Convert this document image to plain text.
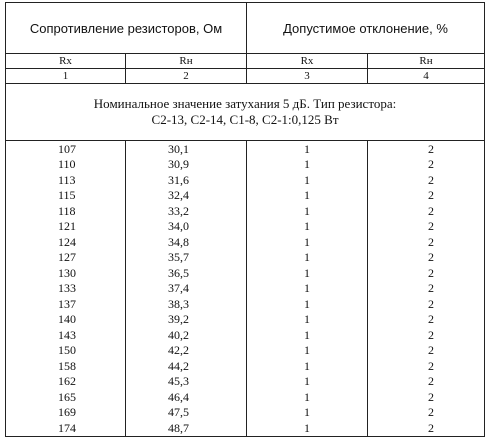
Сопротивление резисторов, Ом		Допустимое отклонение, %	
Rx	Rн	Rx	Rн
1	2	3	4

Номинальное значение затухания 5 дБ. Тип резистора:
С2-13, С2-14, С1-8, С2-1:0,125 Вт			

107	30,1	1	2
110	30,9	1	2
113	31,6	1	2
115	32,4	1	2
118	33,2	1	2
121	34,0	1	2
124	34,8	1	2
127	35,7	1	2
130	36,5	1	2
133	37,4	1	2
137	38,3	1	2
140	39,2	1	2
143	40,2	1	2
150	42,2	1	2
158	44,2	1	2
162	45,3	1	2
165	46,4	1	2
169	47,5	1	2
174	48,7	1	2
